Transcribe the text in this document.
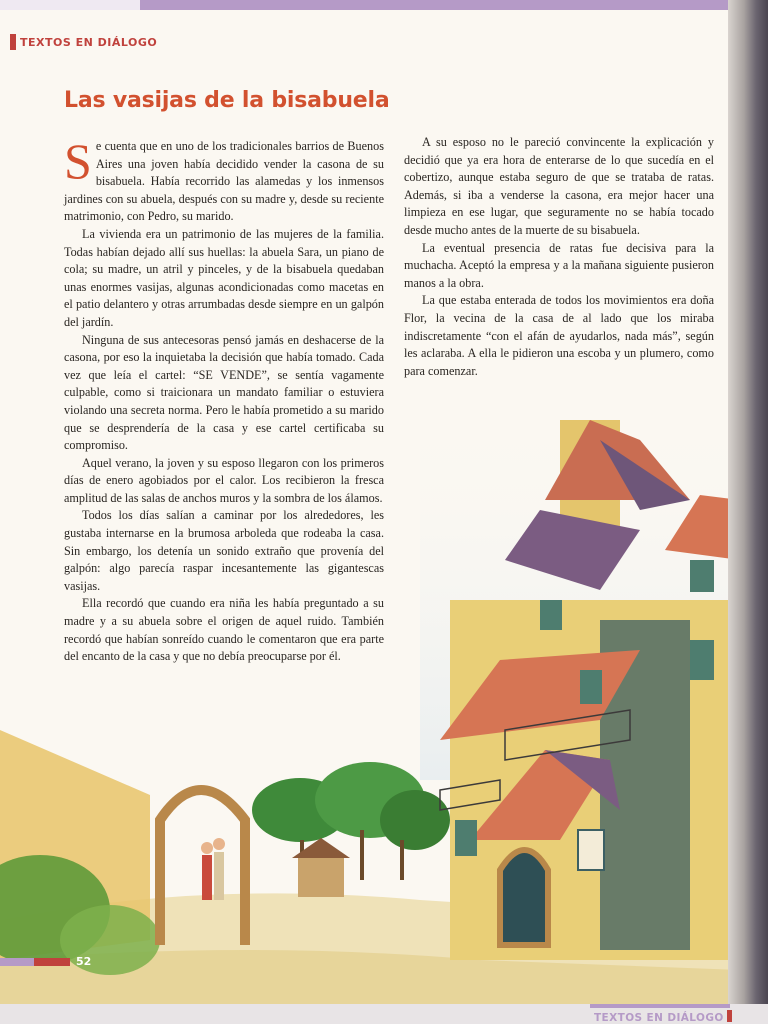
TEXTOS EN DIÁLOGO
Las vasijas de la bisabuela

Se cuenta que en uno de los tradicionales barrios de Buenos Aires una joven había decidido vender la casona de su bisabuela. Había recorrido las alamedas y los inmensos jardines con su abuela, después con su madre y, desde su reciente matrimonio, con Pedro, su marido.

La vivienda era un patrimonio de las mujeres de la familia. Todas habían dejado allí sus huellas: la abuela Sara, un piano de cola; su madre, un atril y pinceles, y de la bisabuela quedaban unas enormes vasijas, algunas acondicionadas como macetas en el patio delantero y otras arrumbadas desde siempre en un galpón del jardín.

Ninguna de sus antecesoras pensó jamás en deshacerse de la casona, por eso la inquietaba la decisión que había tomado. Cada vez que leía el cartel: “SE VENDE”, se sentía vagamente culpable, como si traicionara un mandato familiar o estuviera violando una secreta norma. Pero le había prometido a su marido que se desprendería de la casa y ese cartel certificaba su compromiso.

Aquel verano, la joven y su esposo llegaron con los primeros días de enero agobiados por el calor. Los recibieron la fresca amplitud de las salas de anchos muros y la sombra de los álamos.

Todos los días salían a caminar por los alrededores, les gustaba internarse en la brumosa arboleda que rodeaba la casa. Sin embargo, los detenía un sonido extraño que provenía del galpón: algo parecía raspar incesantemente las gigantescas vasijas.

Ella recordó que cuando era niña les había preguntado a su madre y a su abuela sobre el origen de aquel ruido. También recordó que habían sonreído cuando le comentaron que era parte del encanto de la casa y que no debía preocuparse por él.

A su esposo no le pareció convincente la explicación y decidió que ya era hora de enterarse de lo que sucedía en el cobertizo, aunque estaba seguro de que se trataba de ratas. Además, si iba a venderse la casona, era mejor hacer una limpieza en ese lugar, que seguramente no se había tocado desde mucho antes de la muerte de su bisabuela.

La eventual presencia de ratas fue decisiva para la muchacha. Aceptó la empresa y a la mañana siguiente pusieron manos a la obra.

La que estaba enterada de todos los movimientos era doña Flor, la vecina de la casa de al lado que los miraba indiscretamente “con el afán de ayudarlos, nada más”, según les aclaraba. A ella le pidieron una escoba y un plumero, como para comenzar.

52
TEXTOS EN DIÁLOGO
